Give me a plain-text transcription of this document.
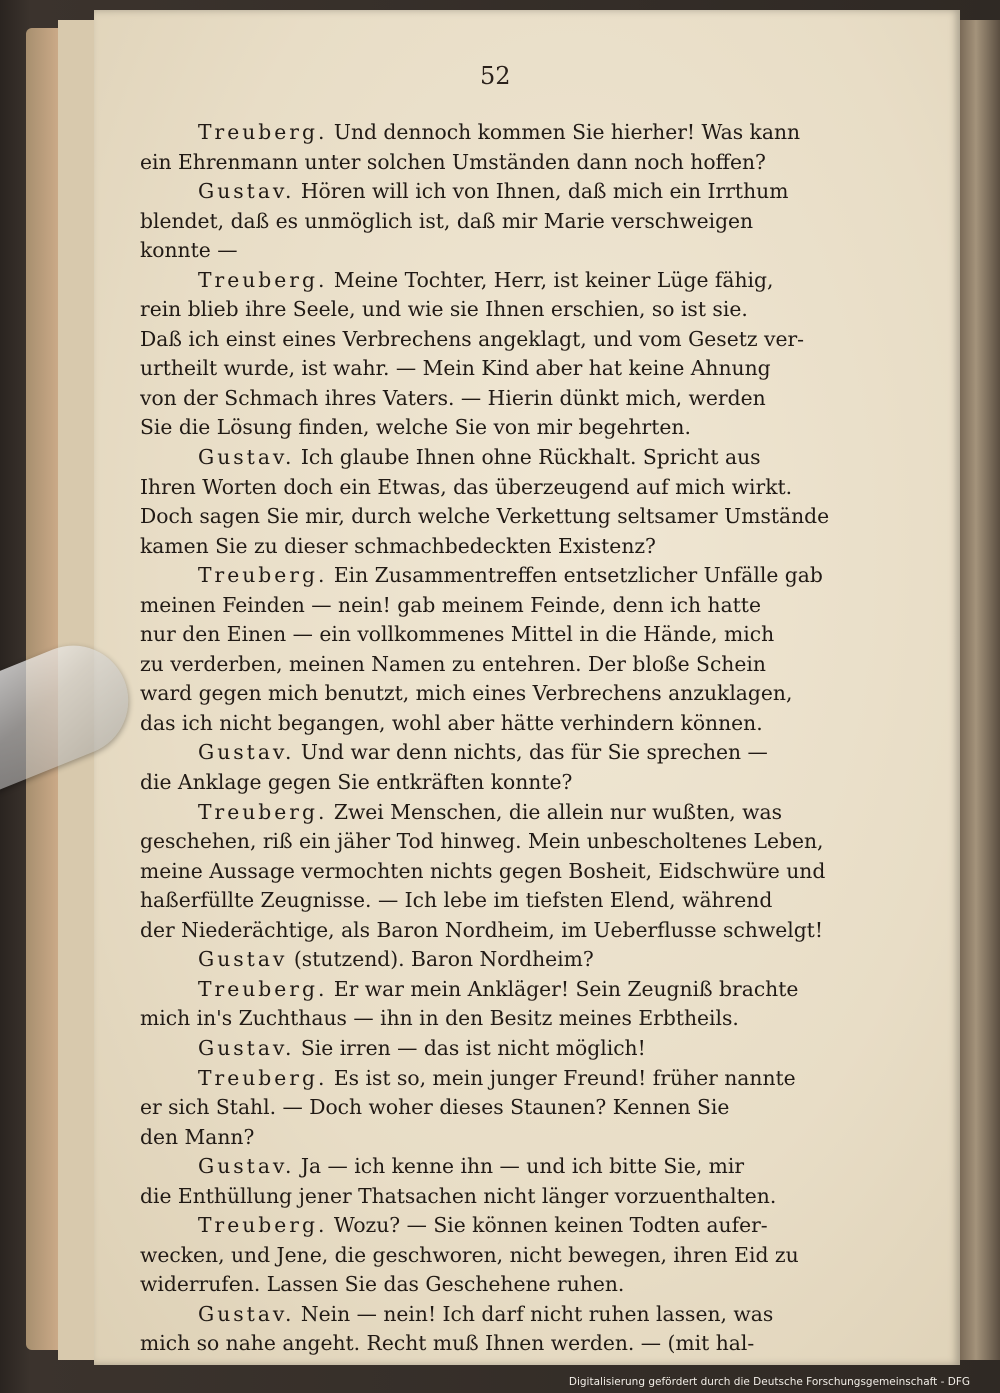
52
Treuberg. Und dennoch kommen Sie hierher! Was kann
ein Ehrenmann unter solchen Umständen dann noch hoffen?
Gustav. Hören will ich von Ihnen, daß mich ein Irrthum
blendet, daß es unmöglich ist, daß mir Marie verschweigen
konnte —
Treuberg. Meine Tochter, Herr, ist keiner Lüge fähig,
rein blieb ihre Seele, und wie sie Ihnen erschien, so ist sie.
Daß ich einst eines Verbrechens angeklagt, und vom Gesetz ver-
urtheilt wurde, ist wahr. — Mein Kind aber hat keine Ahnung
von der Schmach ihres Vaters. — Hierin dünkt mich, werden
Sie die Lösung finden, welche Sie von mir begehrten.
Gustav. Ich glaube Ihnen ohne Rückhalt. Spricht aus
Ihren Worten doch ein Etwas, das überzeugend auf mich wirkt.
Doch sagen Sie mir, durch welche Verkettung seltsamer Umstände
kamen Sie zu dieser schmachbedeckten Existenz?
Treuberg. Ein Zusammentreffen entsetzlicher Unfälle gab
meinen Feinden — nein! gab meinem Feinde, denn ich hatte
nur den Einen — ein vollkommenes Mittel in die Hände, mich
zu verderben, meinen Namen zu entehren. Der bloße Schein
ward gegen mich benutzt, mich eines Verbrechens anzuklagen,
das ich nicht begangen, wohl aber hätte verhindern können.
Gustav. Und war denn nichts, das für Sie sprechen —
die Anklage gegen Sie entkräften konnte?
Treuberg. Zwei Menschen, die allein nur wußten, was
geschehen, riß ein jäher Tod hinweg. Mein unbescholtenes Leben,
meine Aussage vermochten nichts gegen Bosheit, Eidschwüre und
haßerfüllte Zeugnisse. — Ich lebe im tiefsten Elend, während
der Niederächtige, als Baron Nordheim, im Ueberflusse schwelgt!
Gustav (stutzend). Baron Nordheim?
Treuberg. Er war mein Ankläger! Sein Zeugniß brachte
mich in's Zuchthaus — ihn in den Besitz meines Erbtheils.
Gustav. Sie irren — das ist nicht möglich!
Treuberg. Es ist so, mein junger Freund! früher nannte
er sich Stahl. — Doch woher dieses Staunen? Kennen Sie
den Mann?
Gustav. Ja — ich kenne ihn — und ich bitte Sie, mir
die Enthüllung jener Thatsachen nicht länger vorzuenthalten.
Treuberg. Wozu? — Sie können keinen Todten aufer-
wecken, und Jene, die geschworen, nicht bewegen, ihren Eid zu
widerrufen. Lassen Sie das Geschehene ruhen.
Gustav. Nein — nein! Ich darf nicht ruhen lassen, was
mich so nahe angeht. Recht muß Ihnen werden. — (mit hal-
Digitalisierung gefördert durch die Deutsche Forschungsgemeinschaft - DFG
